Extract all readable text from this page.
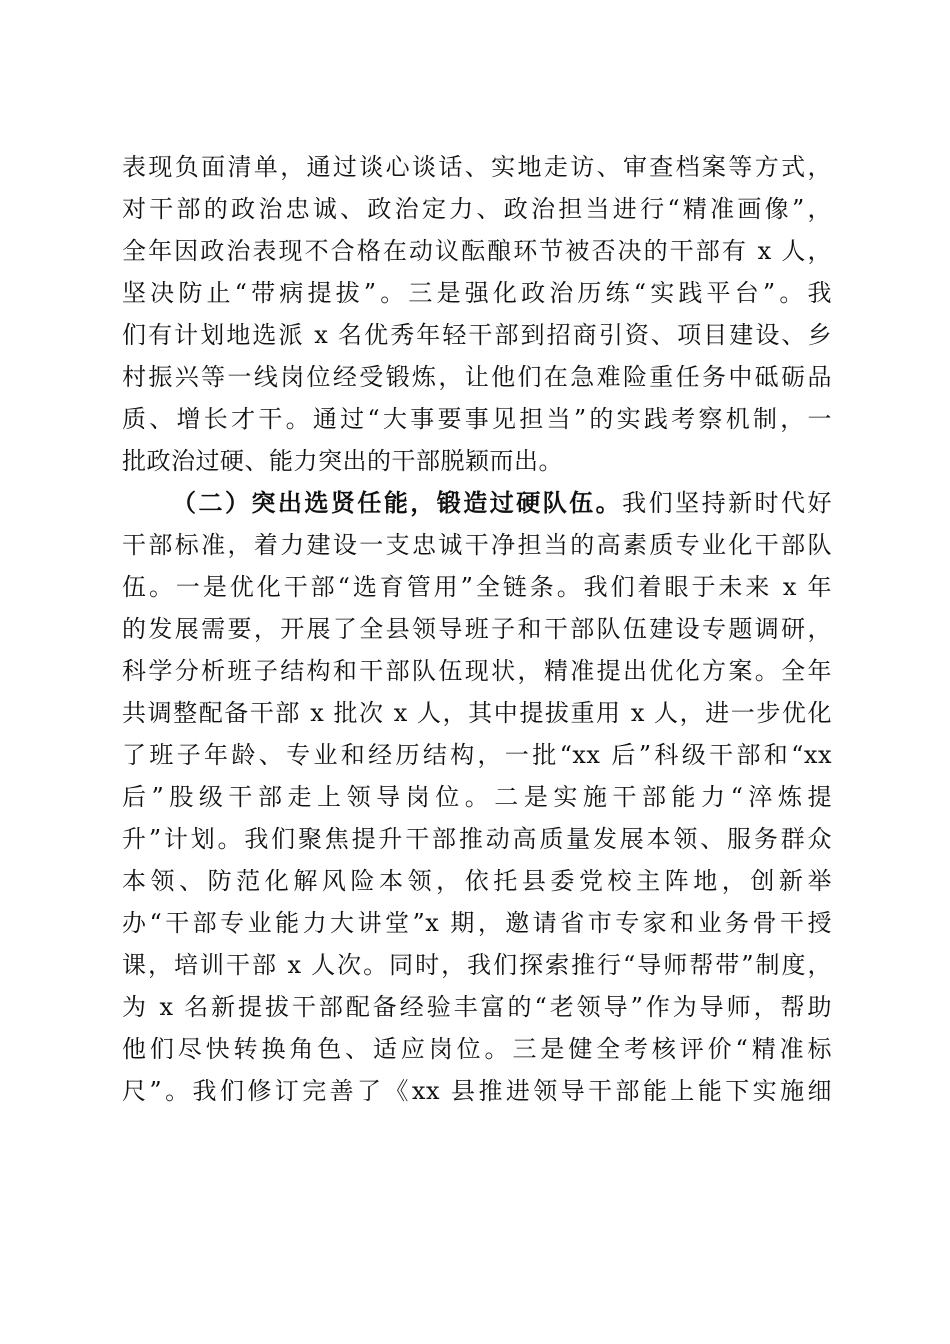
表现负面清单，通过谈心谈话、实地走访、审查档案等方式，
对干部的政治忠诚、政治定力、政治担当进行“精准画像”，
全年因政治表现不合格在动议酝酿环节被否决的干部有 x 人，
坚决防止“带病提拔”。三是强化政治历练“实践平台”。我
们有计划地选派 x 名优秀年轻干部到招商引资、项目建设、乡
村振兴等一线岗位经受锻炼，让他们在急难险重任务中砥砺品
质、增长才干。通过“大事要事见担当”的实践考察机制，一
批政治过硬、能力突出的干部脱颖而出。
（二）突出选贤任能，锻造过硬队伍。我们坚持新时代好
干部标准，着力建设一支忠诚干净担当的高素质专业化干部队
伍。一是优化干部“选育管用”全链条。我们着眼于未来 x 年
的发展需要，开展了全县领导班子和干部队伍建设专题调研，
科学分析班子结构和干部队伍现状，精准提出优化方案。全年
共调整配备干部 x 批次 x 人，其中提拔重用 x 人，进一步优化
了班子年龄、专业和经历结构，一批“xx 后”科级干部和“xx
后”股级干部走上领导岗位。二是实施干部能力“淬炼提
升”计划。我们聚焦提升干部推动高质量发展本领、服务群众
本领、防范化解风险本领，依托县委党校主阵地，创新举
办“干部专业能力大讲堂”x 期，邀请省市专家和业务骨干授
课，培训干部 x 人次。同时，我们探索推行“导师帮带”制度，
为 x 名新提拔干部配备经验丰富的“老领导”作为导师，帮助
他们尽快转换角色、适应岗位。三是健全考核评价“精准标
尺”。我们修订完善了《xx 县推进领导干部能上能下实施细
